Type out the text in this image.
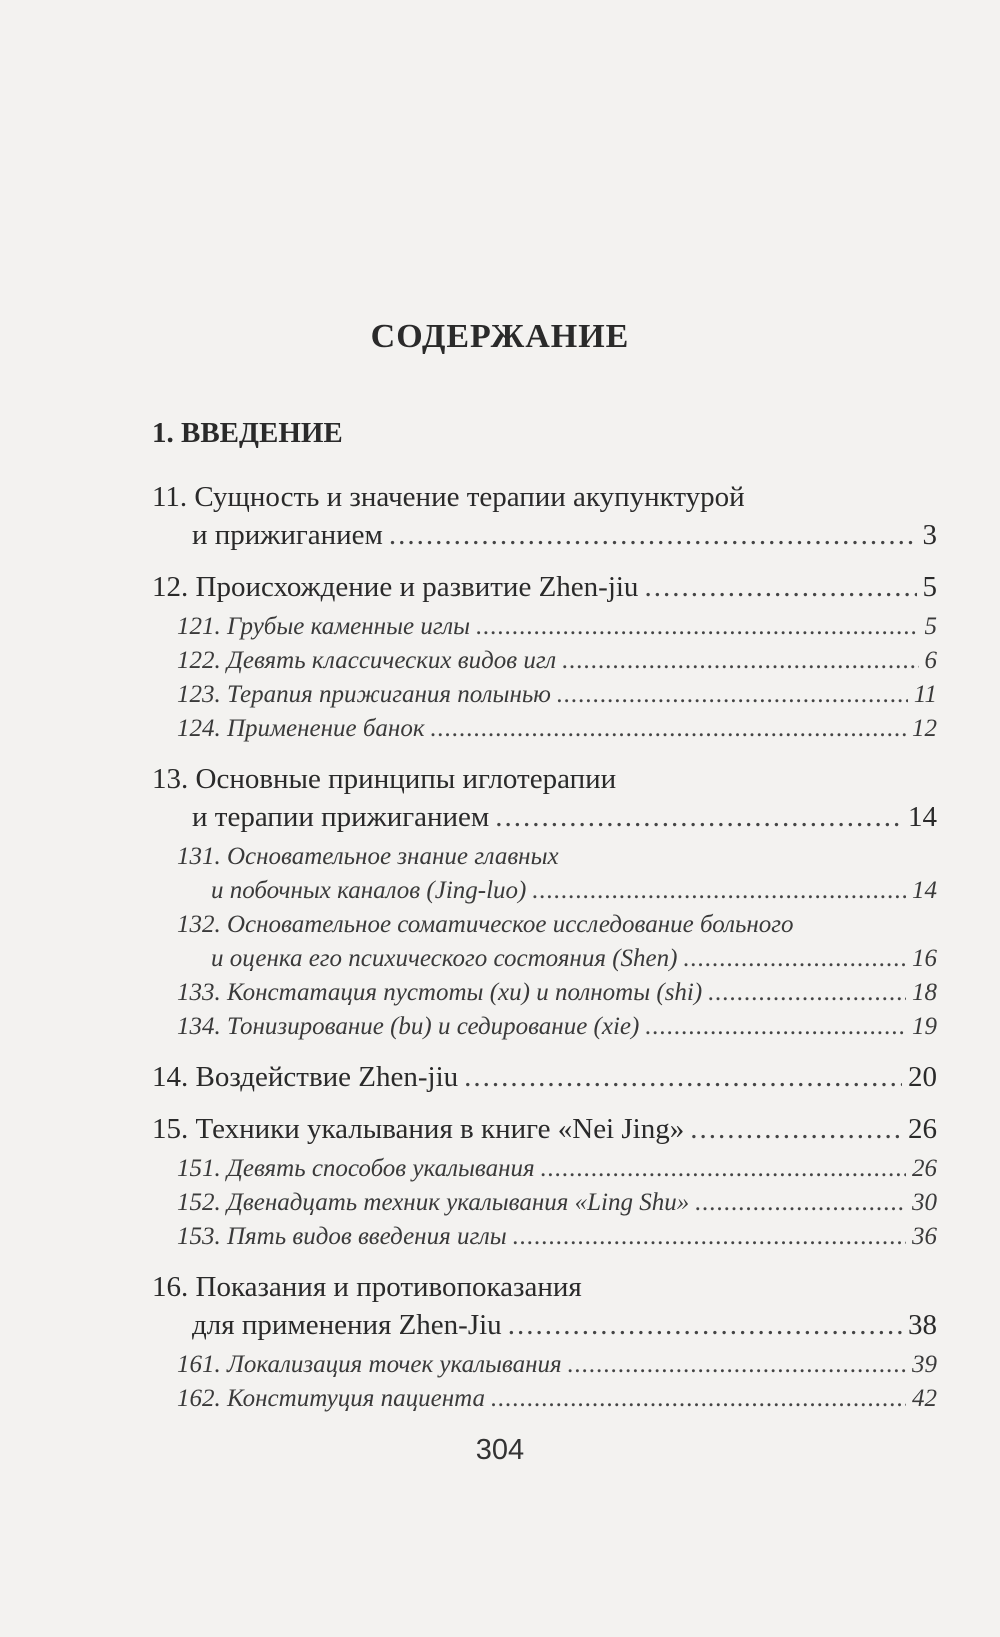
СОДЕРЖАНИЕ
1. ВВЕДЕНИЕ
11. Сущность и значение терапии акупунктурой
и прижиганием .....	3
12. Происхождение и развитие Zhen-jiu .....	5
121. Грубые каменные иглы .....	5
122. Девять классических видов игл .....	6
123. Терапия прижигания полынью .....	11
124. Применение банок .....	12
13. Основные принципы иглотерапии
и терапии прижиганием .....	14
131. Основательное знание главных
и побочных каналов (Jing-luo) .....	14
132. Основательное соматическое исследование больного
и оценка его психического состояния (Shen) .....	16
133. Констатация пустоты (xu) и полноты (shi) .....	18
134. Тонизирование (bu) и седирование (xie) .....	19
14. Воздействие Zhen-jiu .....	20
15. Техники укалывания в книге «Nei Jing» .....	26
151. Девять способов укалывания .....	26
152. Двенадцать техник укалывания «Ling Shu» .....	30
153. Пять видов введения иглы .....	36
16. Показания и противопоказания
для применения Zhen-Jiu .....	38
161. Локализация точек укалывания .....	39
162. Конституция пациента .....	42
304
